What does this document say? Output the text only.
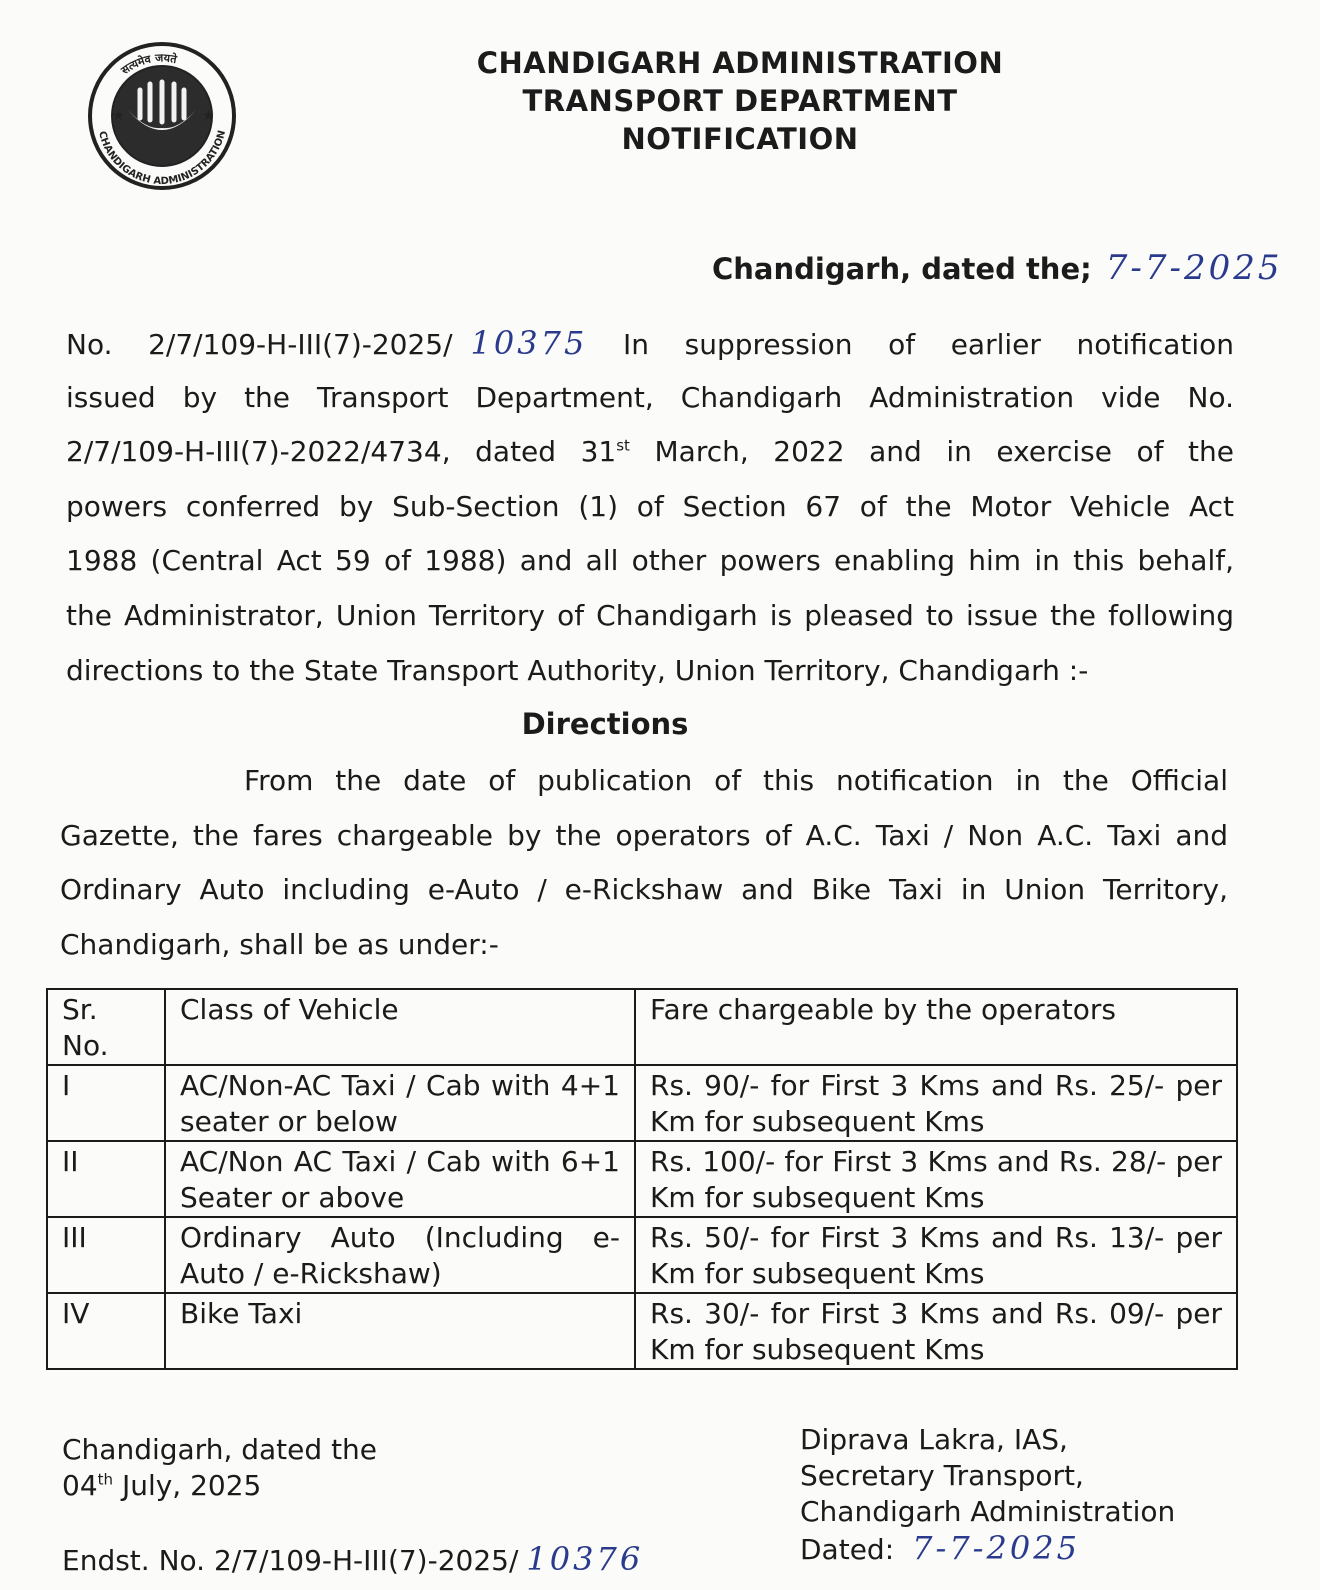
★	★
CHANDIGARH ADMINISTRATION
सत्यमेव जयते	CHANDIGARH ADMINISTRATION
TRANSPORT DEPARTMENT
NOTIFICATION
Chandigarh, dated the; 7-7-2025
No. 2/7/109-H-III(7)-2025/ 10375 In suppression of earlier notification
issued by the Transport Department, Chandigarh Administration vide No.
2/7/109-H-III(7)-2022/4734, dated 31st March, 2022 and in exercise of the
powers conferred by Sub-Section (1) of Section 67 of the Motor Vehicle Act
1988 (Central Act 59 of 1988) and all other powers enabling him in this behalf,
the Administrator, Union Territory of Chandigarh is pleased to issue the following
directions to the State Transport Authority, Union Territory, Chandigarh :-
Directions
From the date of publication of this notification in the Official
Gazette, the fares chargeable by the operators of A.C. Taxi / Non A.C. Taxi and
Ordinary Auto including e-Auto / e-Rickshaw and Bike Taxi in Union Territory,
Chandigarh, shall be as under:-
Sr. No.	Class of Vehicle	Fare chargeable by the operators
I	AC/Non-AC Taxi / Cab with 4+1 seater or below	Rs. 90/- for First 3 Kms and Rs. 25/- per Km for subsequent Kms
II	AC/Non AC Taxi / Cab with 6+1 Seater or above	Rs. 100/- for First 3 Kms and Rs. 28/- per Km for subsequent Kms
III	Ordinary Auto (Including e-Auto / e-Rickshaw)	Rs. 50/- for First 3 Kms and Rs. 13/- per Km for subsequent Kms
IV	Bike Taxi	Rs. 30/- for First 3 Kms and Rs. 09/- per Km for subsequent Kms
Chandigarh, dated the
04th July, 2025
Diprava Lakra, IAS,
Secretary Transport,
Chandigarh Administration
Dated: 7-7-2025
Endst. No. 2/7/109-H-III(7)-2025/ 10376
